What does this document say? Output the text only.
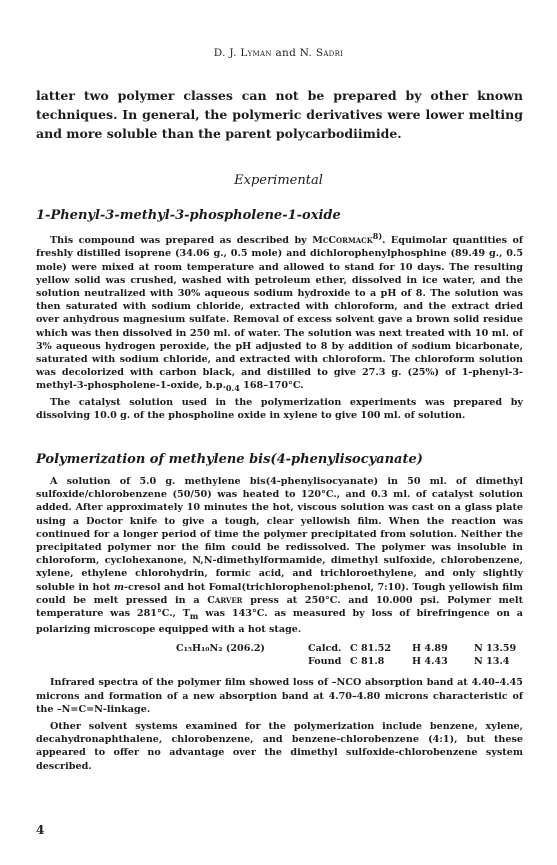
D. J. Lyman and N. Sadri

latter two polymer classes can not be prepared by other known techniques. In general, the polymeric derivatives were lower melting and more soluble than the parent polycarbodiimide.

Experimental
1-Phenyl-3-methyl-3-phospholene-1-oxide

This compound was prepared as described by McCormack$^{8)}$. Equimolar quantities of freshly distilled isoprene (34.06 g., 0.5 mole) and dichlorophenylphosphine (89.49 g., 0.5 mole) were mixed at room temperature and allowed to stand for 10 days. The resulting yellow solid was crushed, washed with petroleum ether, dissolved in ice water, and the solution neutralized with 30% aqueous sodium hydroxide to a pH of 8. The solution was then saturated with sodium chloride, extracted with chloroform, and the extract dried over anhydrous magnesium sulfate. Removal of excess solvent gave a brown solid residue which was then dissolved in 250 ml. of water. The solution was next treated with 10 ml. of 3% aqueous hydrogen peroxide, the pH adjusted to 8 by addition of sodium bicarbonate, saturated with sodium chloride, and extracted with chloroform. The chloroform solution was decolorized with carbon black, and distilled to give 27.3 g. (25%) of 1-phenyl-3-methyl-3-phospholene-1-oxide, $b.p._{0.4}$ 168–170°C.

The catalyst solution used in the polymerization experiments was prepared by dissolving 10.0 g. of the phospholine oxide in xylene to give 100 ml. of solution.

Polymerization of methylene bis(4-phenylisocyanate)

A solution of 5.0 g. methylene bis(4-phenylisocyanate) in 50 ml. of dimethyl sulfoxide/chlorobenzene (50/50) was heated to 120°C., and 0.3 ml. of catalyst solution added. After approximately 10 minutes the hot, viscous solution was cast on a glass plate using a Doctor knife to give a tough, clear yellowish film. When the reaction was continued for a longer period of time the polymer precipitated from solution. Neither the precipitated polymer nor the film could be redissolved. The polymer was insoluble in chloroform, cyclohexanone, N,N-dimethylformamide, dimethyl sulfoxide, chlorobenzene, xylene, ethylene chlorohydrin, formic acid, and trichloroethylene, and only slightly soluble in hot m-cresol and hot Fomal(trichlorophenol:phenol, 7:10). Tough yellowish film could be melt pressed in a Carver press at 250°C. and 10.000 psi. Polymer melt temperature was 281°C., $T_m$ was 143°C. as measured by loss of birefringence on a polarizing microscope equipped with a hot stage.

C₁₅H₁₀N₂ (206.2)	Calcd. C 81.52	H 4.89	N 13.59
Found C 81.8	H 4.43	N 13.4

Infrared spectra of the polymer film showed loss of –NCO absorption band at 4.40–4.45 microns and formation of a new absorption band at 4.70–4.80 microns characteristic of the –N=C=N-linkage.

Other solvent systems examined for the polymerization include benzene, xylene, decahydronaphthalene, chlorobenzene, and benzene-chlorobenzene (4:1), but these appeared to offer no advantage over the dimethyl sulfoxide-chlorobenzene system described.

4
